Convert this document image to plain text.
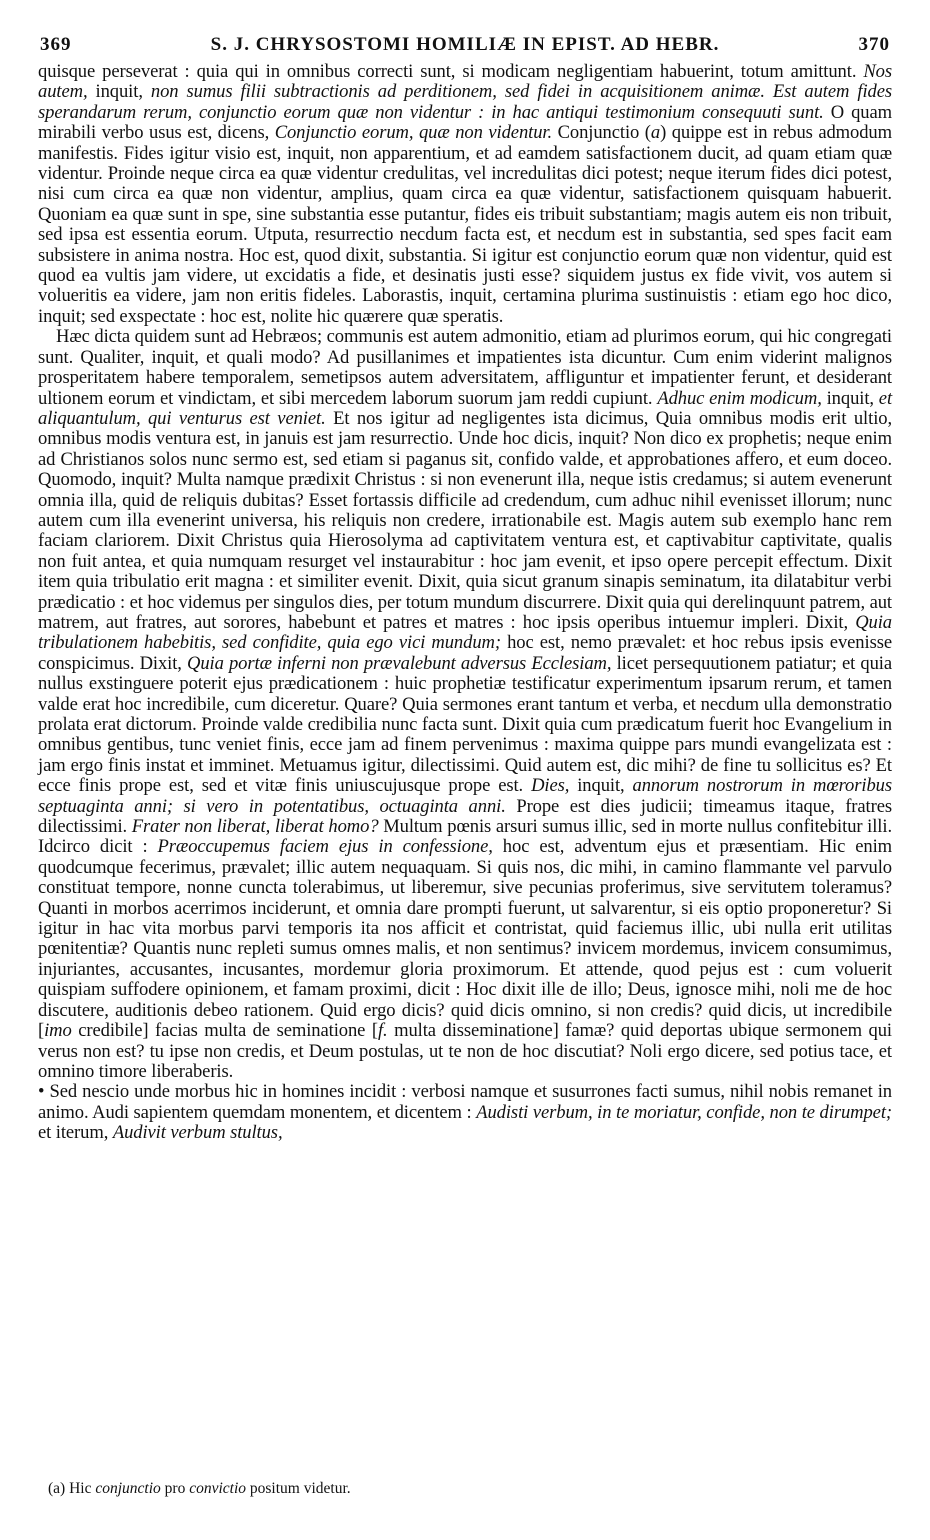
369	S. J. CHRYSOSTOMI HOMILIÆ IN EPIST. AD HEBR.	370

quisque perseverat : quia qui in omnibus correcti sunt, si modicam negligentiam habuerint, totum amittunt. Nos autem, inquit, non sumus filii subtractionis ad perditionem, sed fidei in acquisitionem animæ. Est autem fides sperandarum rerum, conjunctio eorum quæ non videntur : in hac antiqui testimonium consequuti sunt. O quam mirabili verbo usus est, dicens, Conjunctio eorum, quæ non videntur. Conjunctio (a) quippe est in rebus admodum manifestis. Fides igitur visio est, inquit, non apparentium, et ad eamdem satisfactionem ducit, ad quam etiam quæ videntur. Proinde neque circa ea quæ videntur credulitas, vel incredulitas dici potest; neque iterum fides dici potest, nisi cum circa ea quæ non videntur, amplius, quam circa ea quæ videntur, satisfactionem quisquam habuerit. Quoniam ea quæ sunt in spe, sine substantia esse putantur, fides eis tribuit substantiam; magis autem eis non tribuit, sed ipsa est essentia eorum. Utputa, resurrectio necdum facta est, et necdum est in substantia, sed spes facit eam subsistere in anima nostra. Hoc est, quod dixit, substantia. Si igitur est conjunctio eorum quæ non videntur, quid est quod ea vultis jam videre, ut excidatis a fide, et desinatis justi esse? siquidem justus ex fide vivit, vos autem si volueritis ea videre, jam non eritis fideles. Laborastis, inquit, certamina plurima sustinuistis : etiam ego hoc dico, inquit; sed exspectate : hoc est, nolite hic quærere quæ speratis.

Hæc dicta quidem sunt ad Hebræos; communis est autem admonitio, etiam ad plurimos eorum, qui hic congregati sunt. Qualiter, inquit, et quali modo? Ad pusillanimes et impatientes ista dicuntur. Cum enim viderint malignos prosperitatem habere temporalem, semetipsos autem adversitatem, affliguntur et impatienter ferunt, et desiderant ultionem eorum et vindictam, et sibi mercedem laborum suorum jam reddi cupiunt. Adhuc enim modicum, inquit, et aliquantulum, qui venturus est veniet. Et nos igitur ad negligentes ista dicimus, Quia omnibus modis erit ultio, omnibus modis ventura est, in januis est jam resurrectio. Unde hoc dicis, inquit? Non dico ex prophetis; neque enim ad Christianos solos nunc sermo est, sed etiam si paganus sit, confido valde, et approbationes affero, et eum doceo. Quomodo, inquit? Multa namque prædixit Christus : si non evenerunt illa, neque istis credamus; si autem evenerunt omnia illa, quid de reliquis dubitas? Esset fortassis difficile ad credendum, cum adhuc nihil evenisset illorum; nunc autem cum illa evenerint universa, his reliquis non credere, irrationabile est. Magis autem sub exemplo hanc rem faciam clariorem. Dixit Christus quia Hierosolyma ad captivitatem ventura est, et captivabitur captivitate, qualis non fuit antea, et quia numquam resurget vel instaurabitur : hoc jam evenit, et ipso opere percepit effectum. Dixit item quia tribulatio erit magna : et similiter evenit. Dixit, quia sicut granum sinapis seminatum, ita dilatabitur verbi prædicatio : et hoc videmus per singulos dies, per totum mundum discurrere. Dixit quia qui derelinquunt patrem, aut matrem, aut fratres, aut sorores, habebunt et patres et matres : hoc ipsis operibus intuemur impleri. Dixit, Quia tribulationem habebitis, sed confidite, quia ego vici mundum; hoc est, nemo prævalet: et hoc rebus ipsis evenisse conspicimus. Dixit, Quia portæ inferni non prævalebunt adversus Ecclesiam, licet persequutionem patiatur; et quia nullus exstinguere poterit ejus prædicationem : huic prophetiæ testificatur experimentum ipsarum rerum, et tamen valde erat hoc incredibile, cum diceretur. Quare? Quia sermones erant tantum et verba, et necdum ulla demonstratio prolata erat dictorum. Proinde valde credibilia nunc facta sunt. Dixit quia cum prædicatum fuerit hoc Evangelium in omnibus gentibus, tunc veniet finis, ecce jam ad finem pervenimus : maxima quippe pars mundi evangelizata est : jam ergo finis instat et imminet. Metuamus igitur, dilectissimi. Quid autem est, dic mihi? de fine tu sollicitus es? Et ecce finis prope est, sed et vitæ finis uniuscujusque prope est. Dies, inquit, annorum nostrorum in mœroribus septuaginta anni; si vero in potentatibus, octuaginta anni. Prope est dies judicii; timeamus itaque, fratres dilectissimi. Frater non liberat, liberat homo? Multum pœnis arsuri sumus illic, sed in morte nullus confitebitur illi. Idcirco dicit : Præoccupemus faciem ejus in confessione, hoc est, adventum ejus et præsentiam. Hic enim quodcumque fecerimus, prævalet; illic autem nequaquam. Si quis nos, dic mihi, in camino flammante vel parvulo constituat tempore, nonne cuncta tolerabimus, ut liberemur, sive pecunias proferimus, sive servitutem toleramus? Quanti in morbos acerrimos inciderunt, et omnia dare prompti fuerunt, ut salvarentur, si eis optio proponeretur? Si igitur in hac vita morbus parvi temporis ita nos afficit et contristat, quid faciemus illic, ubi nulla erit utilitas pœnitentiæ? Quantis nunc repleti sumus omnes malis, et non sentimus? invicem mordemus, invicem consumimus, injuriantes, accusantes, incusantes, mordemur gloria proximorum. Et attende, quod pejus est : cum voluerit quispiam suffodere opinionem, et famam proximi, dicit : Hoc dixit ille de illo; Deus, ignosce mihi, noli me de hoc discutere, auditionis debeo rationem. Quid ergo dicis? quid dicis omnino, si non credis? quid dicis, ut incredibile [imo credibile] facias multa de seminatione [f. multa disseminatione] famæ? quid deportas ubique sermonem qui verus non est? tu ipse non credis, et Deum postulas, ut te non de hoc discutiat? Noli ergo dicere, sed potius tace, et omnino timore liberaberis.

• Sed nescio unde morbus hic in homines incidit : verbosi namque et susurrones facti sumus, nihil nobis remanet in animo. Audi sapientem quemdam monentem, et dicentem : Audisti verbum, in te moriatur, confide, non te dirumpet; et iterum, Audivit verbum stultus,

(a) Hic conjunctio pro convictio positum videtur.
